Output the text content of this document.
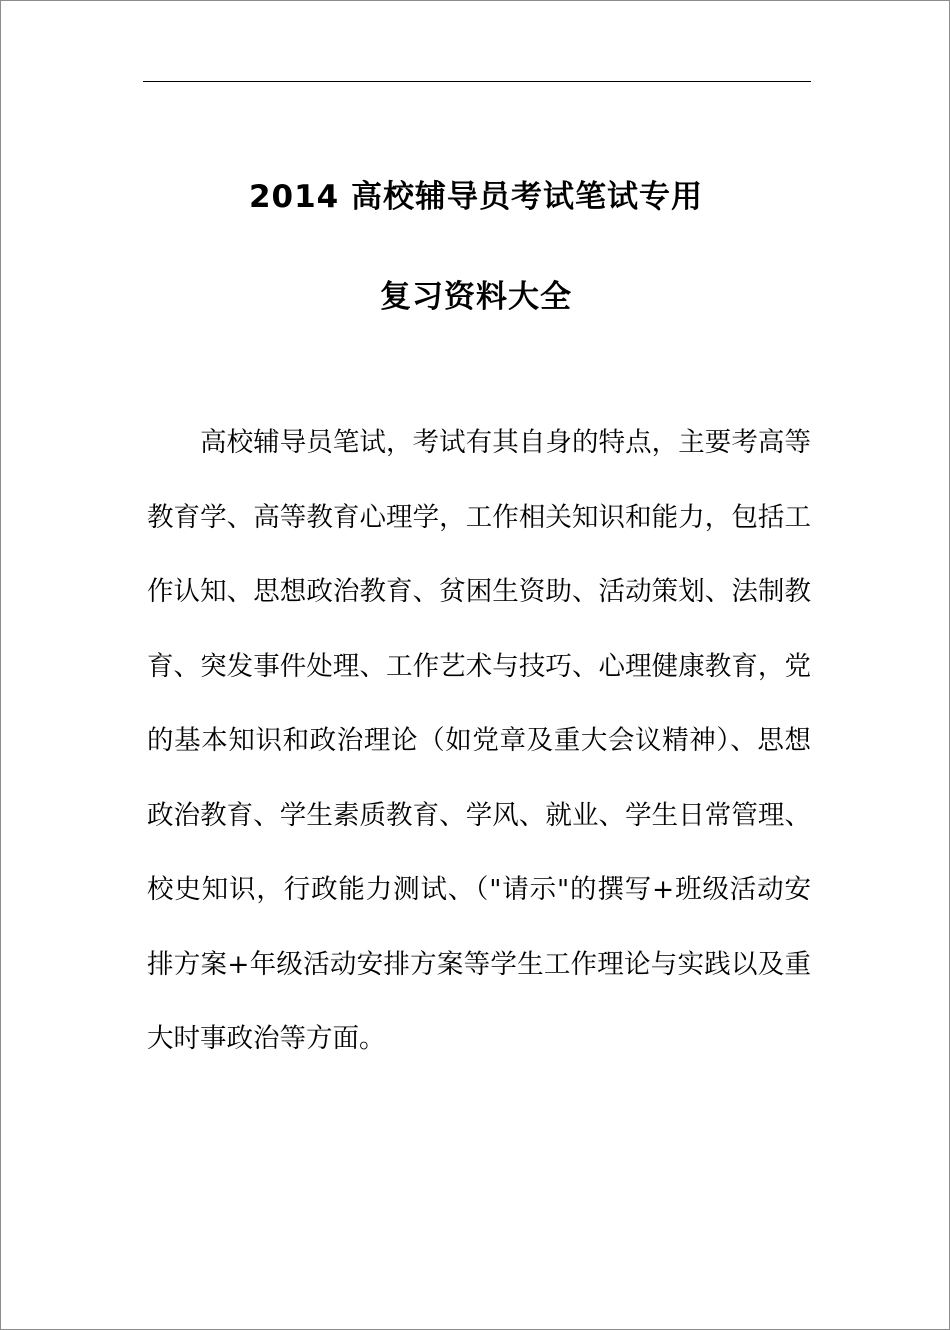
2014 高校辅导员考试笔试专用
复习资料大全

高校辅导员笔试，考试有其自身的特点，主要考高等教育学、高等教育心理学，工作相关知识和能力，包括工作认知、思想政治教育、贫困生资助、活动策划、法制教育、突发事件处理、工作艺术与技巧、心理健康教育，党的基本知识和政治理论（如党章及重大会议精神）、思想政治教育、学生素质教育、学风、就业、学生日常管理、校史知识，行政能力测试、（"请示"的撰写+班级活动安排方案+年级活动安排方案等学生工作理论与实践以及重大时事政治等方面。
